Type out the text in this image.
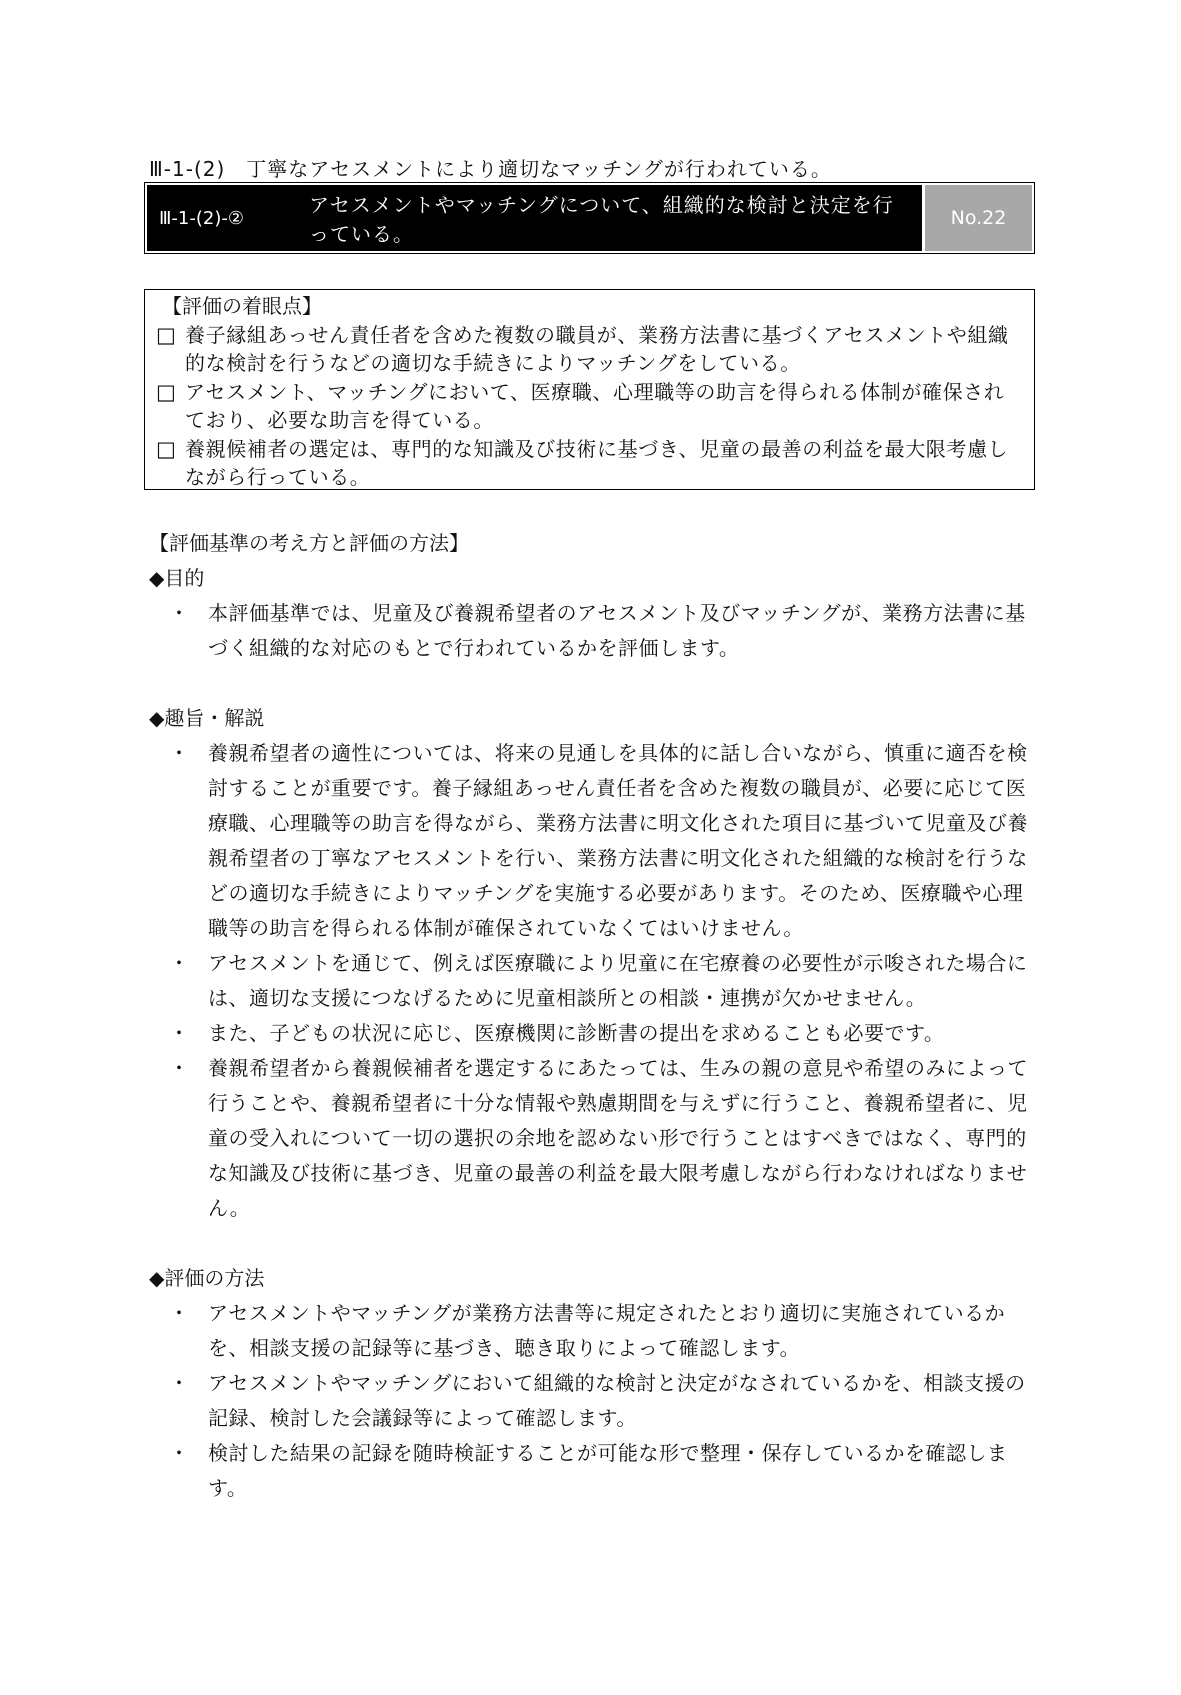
Ⅲ-1-(2)　丁寧なアセスメントにより適切なマッチングが行われている。
Ⅲ-1-(2)-②
アセスメントやマッチングについて、組織的な検討と決定を行っている。
No.22
【評価の着眼点】
□ 養子縁組あっせん責任者を含めた複数の職員が、業務方法書に基づくアセスメントや組織的な検討を行うなどの適切な手続きによりマッチングをしている。
□ アセスメント、マッチングにおいて、医療職、心理職等の助言を得られる体制が確保されており、必要な助言を得ている。
□ 養親候補者の選定は、専門的な知識及び技術に基づき、児童の最善の利益を最大限考慮しながら行っている。
【評価基準の考え方と評価の方法】
◆目的
・ 本評価基準では、児童及び養親希望者のアセスメント及びマッチングが、業務方法書に基づく組織的な対応のもとで行われているかを評価します。
◆趣旨・解説
・ 養親希望者の適性については、将来の見通しを具体的に話し合いながら、慎重に適否を検討することが重要です。養子縁組あっせん責任者を含めた複数の職員が、必要に応じて医療職、心理職等の助言を得ながら、業務方法書に明文化された項目に基づいて児童及び養親希望者の丁寧なアセスメントを行い、業務方法書に明文化された組織的な検討を行うなどの適切な手続きによりマッチングを実施する必要があります。そのため、医療職や心理職等の助言を得られる体制が確保されていなくてはいけません。
・ アセスメントを通じて、例えば医療職により児童に在宅療養の必要性が示唆された場合には、適切な支援につなげるために児童相談所との相談・連携が欠かせません。
・ また、子どもの状況に応じ、医療機関に診断書の提出を求めることも必要です。
・ 養親希望者から養親候補者を選定するにあたっては、生みの親の意見や希望のみによって行うことや、養親希望者に十分な情報や熟慮期間を与えずに行うこと、養親希望者に、児童の受入れについて一切の選択の余地を認めない形で行うことはすべきではなく、専門的な知識及び技術に基づき、児童の最善の利益を最大限考慮しながら行わなければなりません。
◆評価の方法
・ アセスメントやマッチングが業務方法書等に規定されたとおり適切に実施されているかを、相談支援の記録等に基づき、聴き取りによって確認します。
・ アセスメントやマッチングにおいて組織的な検討と決定がなされているかを、相談支援の記録、検討した会議録等によって確認します。
・ 検討した結果の記録を随時検証することが可能な形で整理・保存しているかを確認します。
